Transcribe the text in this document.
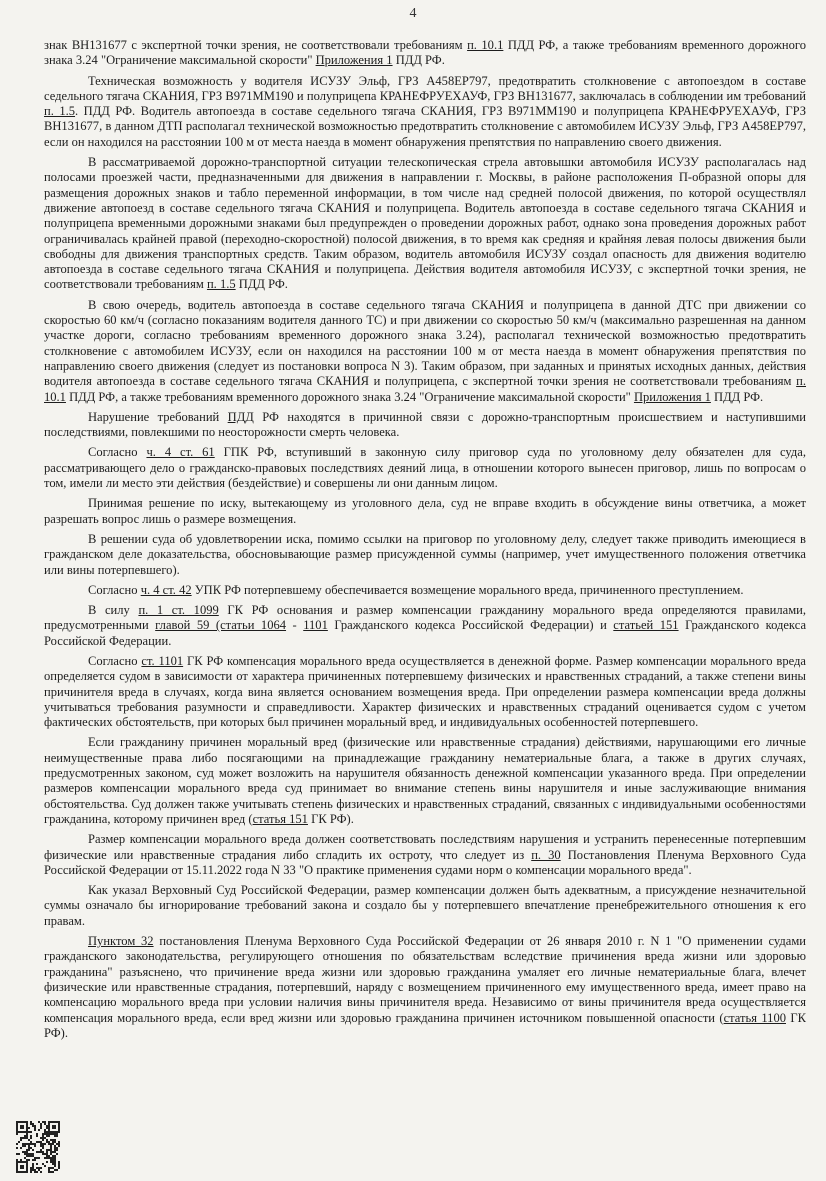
4

знак ВН131677 с экспертной точки зрения, не соответствовали требованиям п. 10.1 ПДД РФ, а также требованиям временного дорожного знака 3.24 "Ограничение максимальной скорости" Приложения 1 ПДД РФ.

Техническая возможность у водителя ИСУЗУ Эльф, ГРЗ А458ЕР797, предотвратить столкновение с автопоездом в составе седельного тягача СКАНИЯ, ГРЗ В971ММ190 и полуприцепа КРАНЕФРУЕХАУФ, ГРЗ ВН131677, заключалась в соблюдении им требований п. 1.5. ПДД РФ. Водитель автопоезда в составе седельного тягача СКАНИЯ, ГРЗ В971ММ190 и полуприцепа КРАНЕФРУЕХАУФ, ГРЗ ВН131677, в данном ДТП располагал технической возможностью предотвратить столкновение с автомобилем ИСУЗУ Эльф, ГРЗ А458ЕР797, если он находился на расстоянии 100 м от места наезда в момент обнаружения препятствия по направлению своего движения.

В рассматриваемой дорожно-транспортной ситуации телескопическая стрела автовышки автомобиля ИСУЗУ располагалась над полосами проезжей части, предназначенными для движения в направлении г. Москвы, в районе расположения П-образной опоры для размещения дорожных знаков и табло переменной информации, в том числе над средней полосой движения, по которой осуществлял движение автопоезд в составе седельного тягача СКАНИЯ и полуприцепа. Водитель автопоезда в составе седельного тягача СКАНИЯ и полуприцепа временными дорожными знаками был предупрежден о проведении дорожных работ, однако зона проведения дорожных работ ограничивалась крайней правой (переходно-скоростной) полосой движения, в то время как средняя и крайняя левая полосы движения были свободны для движения транспортных средств. Таким образом, водитель автомобиля ИСУЗУ создал опасность для движения водителю автопоезда в составе седельного тягача СКАНИЯ и полуприцепа. Действия водителя автомобиля ИСУЗУ, с экспертной точки зрения, не соответствовали требованиям п. 1.5 ПДД РФ.

В свою очередь, водитель автопоезда в составе седельного тягача СКАНИЯ и полуприцепа в данной ДТС при движении со скоростью 60 км/ч (согласно показаниям водителя данного ТС) и при движении со скоростью 50 км/ч (максимально разрешенная на данном участке дороги, согласно требованиям временного дорожного знака 3.24), располагал технической возможностью предотвратить столкновение с автомобилем ИСУЗУ, если он находился на расстоянии 100 м от места наезда в момент обнаружения препятствия по направлению своего движения (следует из постановки вопроса N 3). Таким образом, при заданных и принятых исходных данных, действия водителя автопоезда в составе седельного тягача СКАНИЯ и полуприцепа, с экспертной точки зрения не соответствовали требованиям п. 10.1 ПДД РФ, а также требованиям временного дорожного знака 3.24 "Ограничение максимальной скорости" Приложения 1 ПДД РФ.

Нарушение требований ПДД РФ находятся в причинной связи с дорожно-транспортным происшествием и наступившими последствиями, повлекшими по неосторожности смерть человека.

Согласно ч. 4 ст. 61 ГПК РФ, вступивший в законную силу приговор суда по уголовному делу обязателен для суда, рассматривающего дело о гражданско-правовых последствиях деяний лица, в отношении которого вынесен приговор, лишь по вопросам о том, имели ли место эти действия (бездействие) и совершены ли они данным лицом.

Принимая решение по иску, вытекающему из уголовного дела, суд не вправе входить в обсуждение вины ответчика, а может разрешать вопрос лишь о размере возмещения.

В решении суда об удовлетворении иска, помимо ссылки на приговор по уголовному делу, следует также приводить имеющиеся в гражданском деле доказательства, обосновывающие размер присужденной суммы (например, учет имущественного положения ответчика или вины потерпевшего).

Согласно ч. 4 ст. 42 УПК РФ потерпевшему обеспечивается возмещение морального вреда, причиненного преступлением.

В силу п. 1 ст. 1099 ГК РФ основания и размер компенсации гражданину морального вреда определяются правилами, предусмотренными главой 59 (статьи 1064 - 1101 Гражданского кодекса Российской Федерации) и статьей 151 Гражданского кодекса Российской Федерации.

Согласно ст. 1101 ГК РФ компенсация морального вреда осуществляется в денежной форме. Размер компенсации морального вреда определяется судом в зависимости от характера причиненных потерпевшему физических и нравственных страданий, а также степени вины причинителя вреда в случаях, когда вина является основанием возмещения вреда. При определении размера компенсации вреда должны учитываться требования разумности и справедливости. Характер физических и нравственных страданий оценивается судом с учетом фактических обстоятельств, при которых был причинен моральный вред, и индивидуальных особенностей потерпевшего.

Если гражданину причинен моральный вред (физические или нравственные страдания) действиями, нарушающими его личные неимущественные права либо посягающими на принадлежащие гражданину нематериальные блага, а также в других случаях, предусмотренных законом, суд может возложить на нарушителя обязанность денежной компенсации указанного вреда. При определении размеров компенсации морального вреда суд принимает во внимание степень вины нарушителя и иные заслуживающие внимания обстоятельства. Суд должен также учитывать степень физических и нравственных страданий, связанных с индивидуальными особенностями гражданина, которому причинен вред (статья 151 ГК РФ).

Размер компенсации морального вреда должен соответствовать последствиям нарушения и устранить перенесенные потерпевшим физические или нравственные страдания либо сгладить их остроту, что следует из п. 30 Постановления Пленума Верховного Суда Российской Федерации от 15.11.2022 года N 33 "О практике применения судами норм о компенсации морального вреда".

Как указал Верховный Суд Российской Федерации, размер компенсации должен быть адекватным, а присуждение незначительной суммы означало бы игнорирование требований закона и создало бы у потерпевшего впечатление пренебрежительного отношения к его правам.

Пунктом 32 постановления Пленума Верховного Суда Российской Федерации от 26 января 2010 г. N 1 "О применении судами гражданского законодательства, регулирующего отношения по обязательствам вследствие причинения вреда жизни или здоровью гражданина" разъяснено, что причинение вреда жизни или здоровью гражданина умаляет его личные нематериальные блага, влечет физические или нравственные страдания, потерпевший, наряду с возмещением причиненного ему имущественного вреда, имеет право на компенсацию морального вреда при условии наличия вины причинителя вреда. Независимо от вины причинителя вреда осуществляется компенсация морального вреда, если вред жизни или здоровью гражданина причинен источником повышенной опасности (статья 1100 ГК РФ).
